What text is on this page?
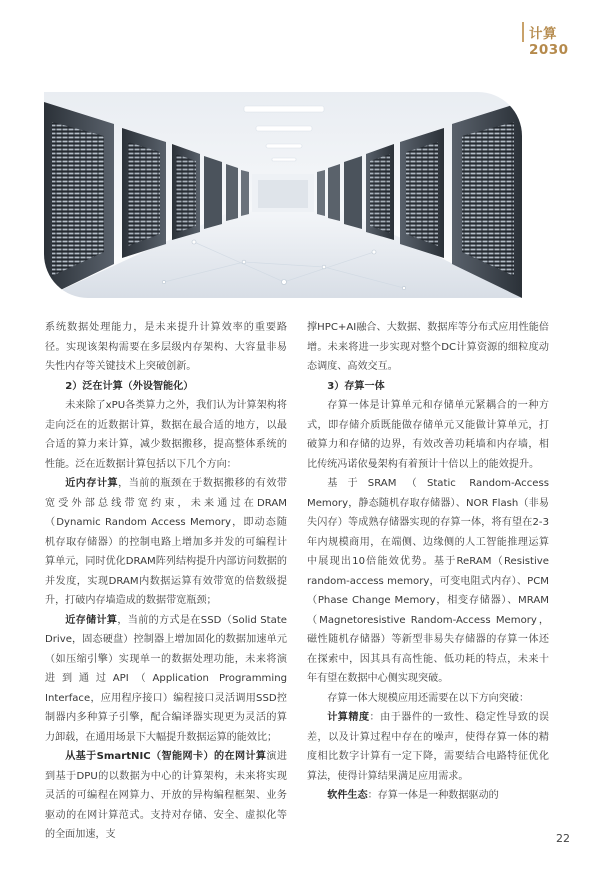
计算 2030

系统数据处理能力，是未来提升计算效率的重要路径。实现该架构需要在多层级内存架构、大容量非易失性内存等关键技术上突破创新。

2）泛在计算（外设智能化）

未来除了xPU各类算力之外，我们认为计算架构将走向泛在的近数据计算，数据在最合适的地方，以最合适的算力来计算，减少数据搬移，提高整体系统的性能。泛在近数据计算包括以下几个方向：

近内存计算，当前的瓶颈在于数据搬移的有效带宽受外部总线带宽约束，未来通过在DRAM（Dynamic Random Access Memory，即动态随机存取存储器）的控制电路上增加多并发的可编程计算单元，同时优化DRAM阵列结构提升内部访问数据的并发度，实现DRAM内数据运算有效带宽的倍数级提升，打破内存墙造成的数据带宽瓶颈；

近存储计算，当前的方式是在SSD（Solid State Drive，固态硬盘）控制器上增加固化的数据加速单元（如压缩引擎）实现单一的数据处理功能，未来将演进到通过API（Application Programming Interface，应用程序接口）编程接口灵活调用SSD控制器内多种算子引擎，配合编译器实现更为灵活的算力卸载，在通用场景下大幅提升数据运算的能效比；

从基于SmartNIC（智能网卡）的在网计算演进到基于DPU的以数据为中心的计算架构，未来将实现灵活的可编程在网算力、开放的异构编程框架、业务驱动的在网计算范式。支持对存储、安全、虚拟化等的全面加速，支

撑HPC+AI融合、大数据、数据库等分布式应用性能倍增。未来将进一步实现对整个DC计算资源的细粒度动态调度、高效交互。

3）存算一体

存算一体是计算单元和存储单元紧耦合的一种方式，即存储介质既能做存储单元又能做计算单元，打破算力和存储的边界，有效改善功耗墙和内存墙，相比传统冯诺依曼架构有着预计十倍以上的能效提升。

基于SRAM（Static Random-Access Memory，静态随机存取存储器）、NOR Flash（非易失闪存）等成熟存储器实现的存算一体，将有望在2-3年内规模商用，在端侧、边缘侧的人工智能推理运算中展现出10倍能效优势。基于ReRAM（Resistive random-access memory，可变电阻式内存）、PCM（Phase Change Memory，相变存储器）、MRAM（Magnetoresistive Random-Access Memory，磁性随机存储器）等新型非易失存储器的存算一体还在探索中，因其具有高性能、低功耗的特点，未来十年有望在数据中心侧实现突破。

存算一体大规模应用还需要在以下方向突破：

计算精度：由于器件的一致性、稳定性导致的误差，以及计算过程中存在的噪声，使得存算一体的精度相比数字计算有一定下降，需要结合电路特征优化算法，使得计算结果满足应用需求。

软件生态：存算一体是一种数据驱动的

22
